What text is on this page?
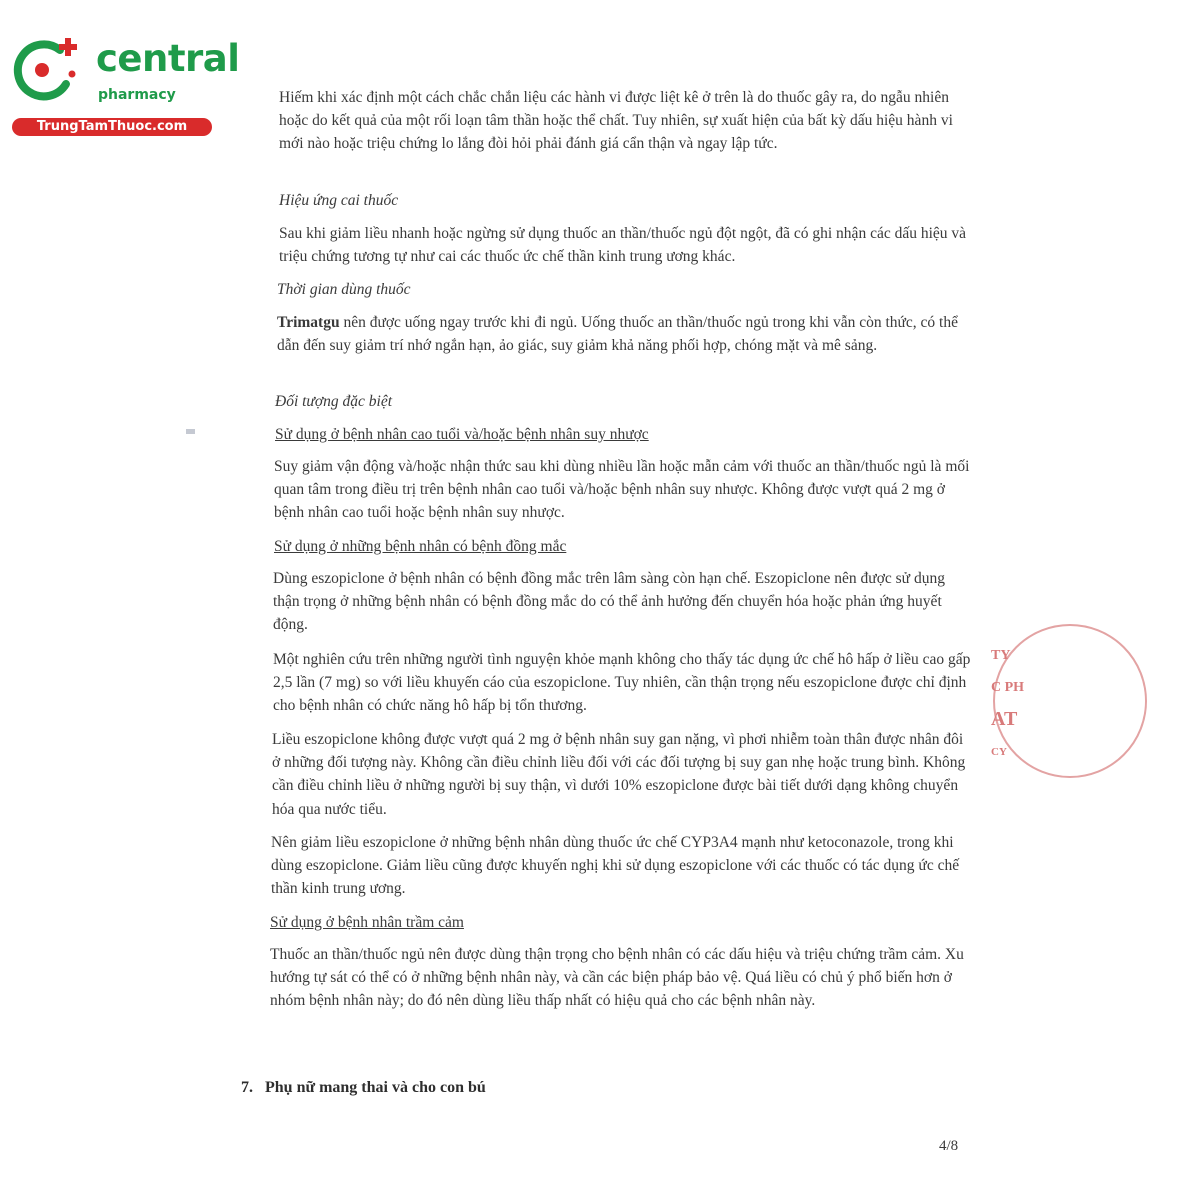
central
pharmacy
TrungTamThuoc.com

Hiếm khi xác định một cách chắc chắn liệu các hành vi được liệt kê ở trên là do thuốc gây ra, do ngẫu nhiên hoặc do kết quả của một rối loạn tâm thần hoặc thể chất. Tuy nhiên, sự xuất hiện của bất kỳ dấu hiệu hành vi mới nào hoặc triệu chứng lo lắng đòi hỏi phải đánh giá cẩn thận và ngay lập tức.

Hiệu ứng cai thuốc

Sau khi giảm liều nhanh hoặc ngừng sử dụng thuốc an thần/thuốc ngủ đột ngột, đã có ghi nhận các dấu hiệu và triệu chứng tương tự như cai các thuốc ức chế thần kinh trung ương khác.

Thời gian dùng thuốc

Trimatgu nên được uống ngay trước khi đi ngủ. Uống thuốc an thần/thuốc ngủ trong khi vẫn còn thức, có thể dẫn đến suy giảm trí nhớ ngắn hạn, ảo giác, suy giảm khả năng phối hợp, chóng mặt và mê sảng.

Đối tượng đặc biệt

Sử dụng ở bệnh nhân cao tuổi và/hoặc bệnh nhân suy nhược

Suy giảm vận động và/hoặc nhận thức sau khi dùng nhiều lần hoặc mẫn cảm với thuốc an thần/thuốc ngủ là mối quan tâm trong điều trị trên bệnh nhân cao tuổi và/hoặc bệnh nhân suy nhược. Không được vượt quá 2 mg ở bệnh nhân cao tuổi hoặc bệnh nhân suy nhược.

Sử dụng ở những bệnh nhân có bệnh đồng mắc

Dùng eszopiclone ở bệnh nhân có bệnh đồng mắc trên lâm sàng còn hạn chế. Eszopiclone nên được sử dụng thận trọng ở những bệnh nhân có bệnh đồng mắc do có thể ảnh hưởng đến chuyển hóa hoặc phản ứng huyết động.

Một nghiên cứu trên những người tình nguyện khỏe mạnh không cho thấy tác dụng ức chế hô hấp ở liều cao gấp 2,5 lần (7 mg) so với liều khuyến cáo của eszopiclone. Tuy nhiên, cần thận trọng nếu eszopiclone được chỉ định cho bệnh nhân có chức năng hô hấp bị tổn thương.

Liều eszopiclone không được vượt quá 2 mg ở bệnh nhân suy gan nặng, vì phơi nhiễm toàn thân được nhân đôi ở những đối tượng này. Không cần điều chỉnh liều đối với các đối tượng bị suy gan nhẹ hoặc trung bình. Không cần điều chỉnh liều ở những người bị suy thận, vì dưới 10% eszopiclone được bài tiết dưới dạng không chuyển hóa qua nước tiểu.

Nên giảm liều eszopiclone ở những bệnh nhân dùng thuốc ức chế CYP3A4 mạnh như ketoconazole, trong khi dùng eszopiclone. Giảm liều cũng được khuyến nghị khi sử dụng eszopiclone với các thuốc có tác dụng ức chế thần kinh trung ương.

Sử dụng ở bệnh nhân trầm cảm

Thuốc an thần/thuốc ngủ nên được dùng thận trọng cho bệnh nhân có các dấu hiệu và triệu chứng trầm cảm. Xu hướng tự sát có thể có ở những bệnh nhân này, và cần các biện pháp bảo vệ. Quá liều có chủ ý phổ biến hơn ở nhóm bệnh nhân này; do đó nên dùng liều thấp nhất có hiệu quả cho các bệnh nhân này.

7. Phụ nữ mang thai và cho con bú

4/8

TY
C PH
AT
CY
